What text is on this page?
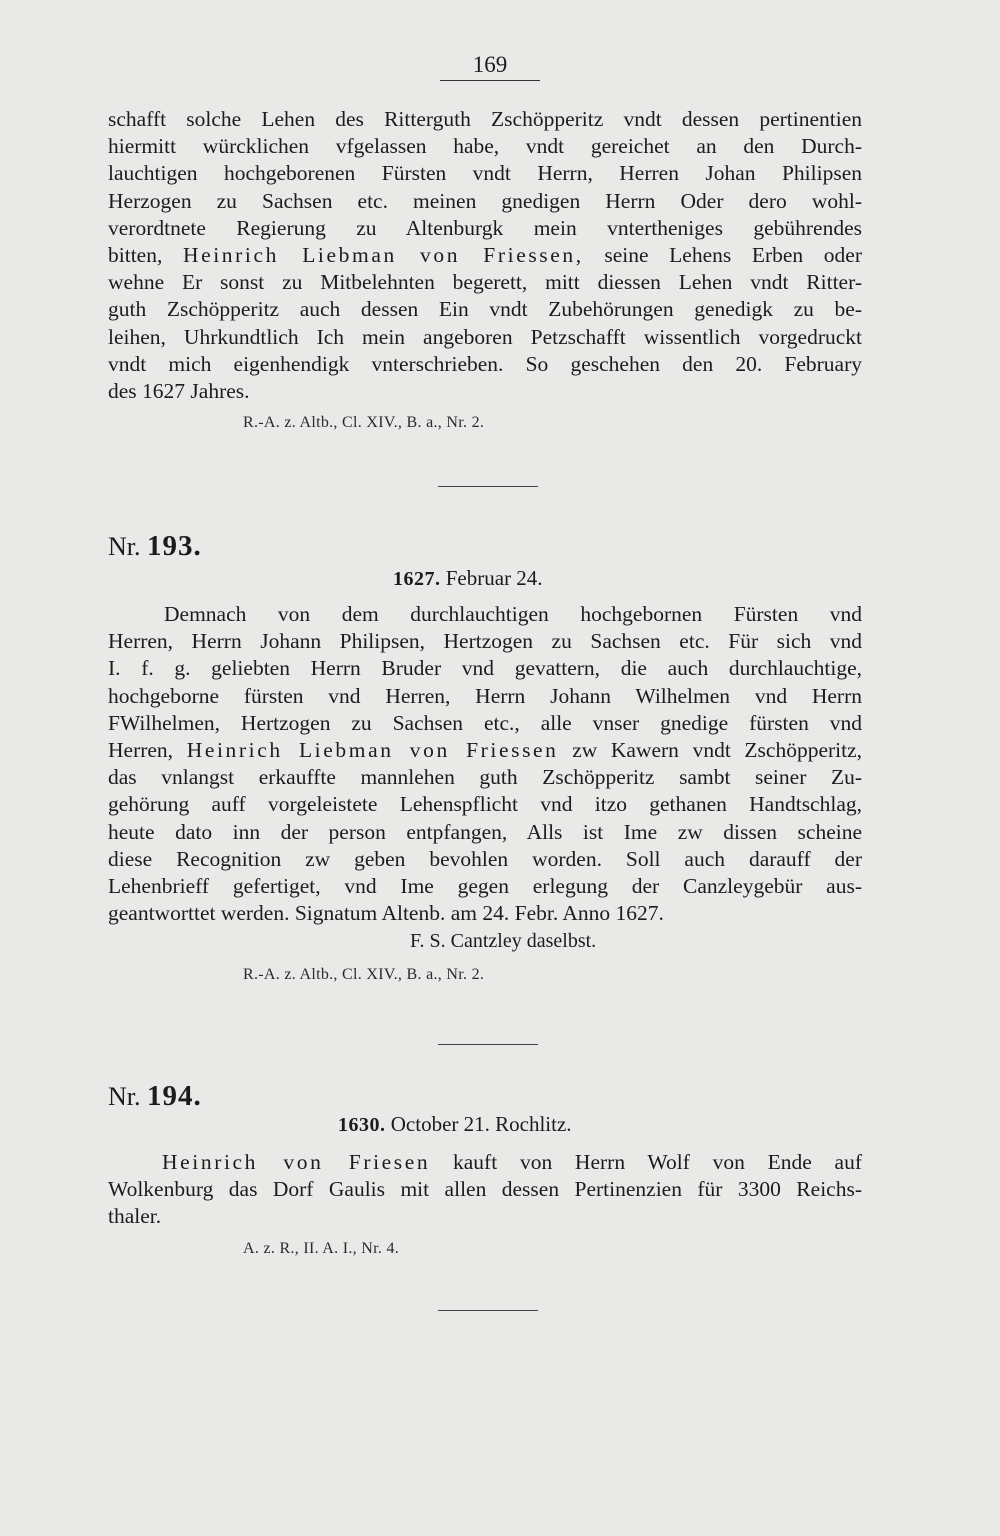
169
schafft solche Lehen des Ritterguth Zschöpperitz vndt dessen pertinentien
hiermitt würcklichen vfgelassen habe, vndt gereichet an den Durch-
lauchtigen hochgeborenen Fürsten vndt Herrn, Herren Johan Philipsen
Herzogen zu Sachsen etc. meinen gnedigen Herrn Oder dero wohl-
verordtnete Regierung zu Altenburgk mein vntertheniges gebührendes
bitten, Heinrich Liebman von Friessen, seine Lehens Erben oder
wehne Er sonst zu Mitbelehnten begerett, mitt diessen Lehen vndt Ritter-
guth Zschöpperitz auch dessen Ein vndt Zubehörungen genedigk zu be-
leihen, Uhrkundtlich Ich mein angeboren Petzschafft wissentlich vorgedruckt
vndt mich eigenhendigk vnterschrieben. So geschehen den 20. February
des 1627 Jahres.
R.-A. z. Altb., Cl. XIV., B. a., Nr. 2.
Nr. 193.
1627. Februar 24.
Demnach von dem durchlauchtigen hochgebornen Fürsten vnd
Herren, Herrn Johann Philipsen, Hertzogen zu Sachsen etc. Für sich vnd
I. f. g. geliebten Herrn Bruder vnd gevattern, die auch durchlauchtige,
hochgeborne fürsten vnd Herren, Herrn Johann Wilhelmen vnd Herrn
FWilhelmen, Hertzogen zu Sachsen etc., alle vnser gnedige fürsten vnd
Herren, Heinrich Liebman von Friessen zw Kawern vndt Zschöpperitz,
das vnlangst erkauffte mannlehen guth Zschöpperitz sambt seiner Zu-
gehörung auff vorgeleistete Lehenspflicht vnd itzo gethanen Handtschlag,
heute dato inn der person entpfangen, Alls ist Ime zw dissen scheine
diese Recognition zw geben bevohlen worden. Soll auch darauff der
Lehenbrieff gefertiget, vnd Ime gegen erlegung der Canzleygebür aus-
geantworttet werden. Signatum Altenb. am 24. Febr. Anno 1627.
F. S. Cantzley daselbst.
R.-A. z. Altb., Cl. XIV., B. a., Nr. 2.
Nr. 194.
1630. October 21. Rochlitz.
Heinrich von Friesen kauft von Herrn Wolf von Ende auf
Wolkenburg das Dorf Gaulis mit allen dessen Pertinenzien für 3300 Reichs-
thaler.
A. z. R., II. A. I., Nr. 4.
